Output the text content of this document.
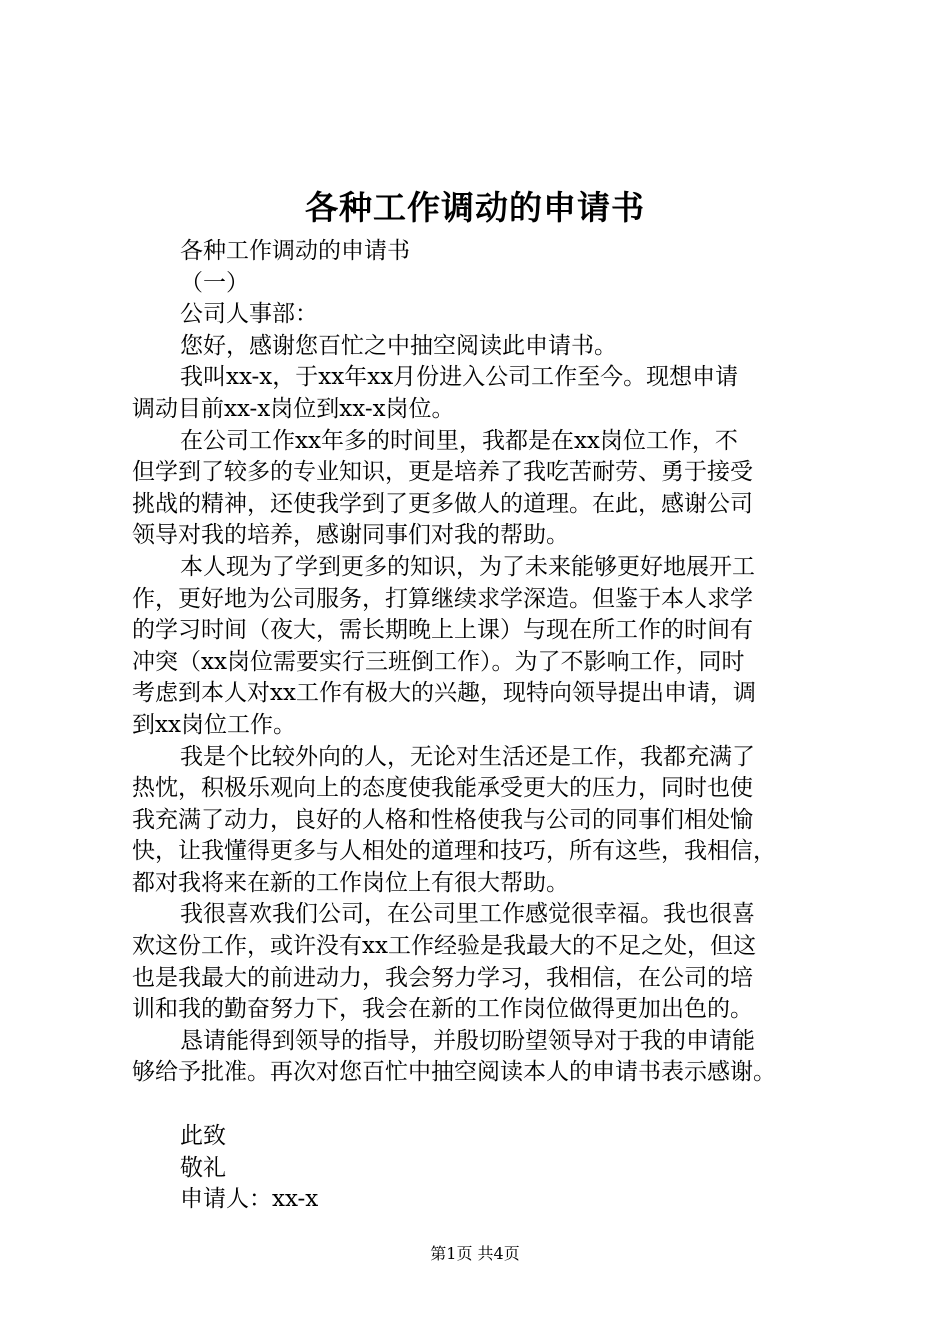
各种工作调动的申请书
各种工作调动的申请书
（一）
公司人事部：
您好，感谢您百忙之中抽空阅读此申请书。
我叫xx-x，于xx年xx月份进入公司工作至今。现想申请
调动目前xx-x岗位到xx-x岗位。
在公司工作xx年多的时间里，我都是在xx岗位工作，不
但学到了较多的专业知识，更是培养了我吃苦耐劳、勇于接受
挑战的精神，还使我学到了更多做人的道理。在此，感谢公司
领导对我的培养，感谢同事们对我的帮助。
本人现为了学到更多的知识，为了未来能够更好地展开工
作，更好地为公司服务，打算继续求学深造。但鉴于本人求学
的学习时间（夜大，需长期晚上上课）与现在所工作的时间有
冲突（xx岗位需要实行三班倒工作）。为了不影响工作，同时
考虑到本人对xx工作有极大的兴趣，现特向领导提出申请，调
到xx岗位工作。
我是个比较外向的人，无论对生活还是工作，我都充满了
热忱，积极乐观向上的态度使我能承受更大的压力，同时也使
我充满了动力，良好的人格和性格使我与公司的同事们相处愉
快，让我懂得更多与人相处的道理和技巧，所有这些，我相信，
都对我将来在新的工作岗位上有很大帮助。
我很喜欢我们公司，在公司里工作感觉很幸福。我也很喜
欢这份工作，或许没有xx工作经验是我最大的不足之处，但这
也是我最大的前进动力，我会努力学习，我相信，在公司的培
训和我的勤奋努力下，我会在新的工作岗位做得更加出色的。
恳请能得到领导的指导，并殷切盼望领导对于我的申请能
够给予批准。再次对您百忙中抽空阅读本人的申请书表示感谢。
此致
敬礼
申请人：xx-x
第1页 共4页
